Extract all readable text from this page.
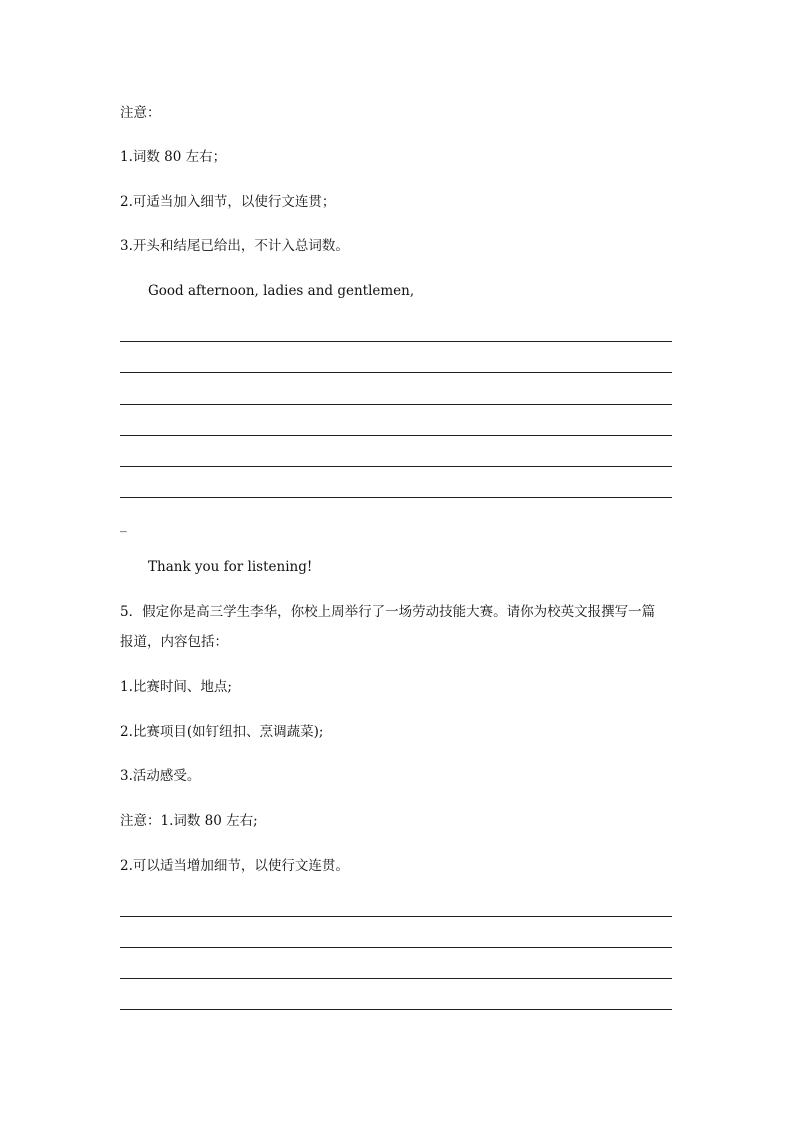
注意：
1.词数 80 左右；
2.可适当加入细节，以使行文连贯；
3.开头和结尾已给出，不计入总词数。
Good afternoon, ladies and gentlemen,
_
Thank you for listening!
5．假定你是高三学生李华，你校上周举行了一场劳动技能大赛。请你为校英文报撰写一篇
报道，内容包括：
1.比赛时间、地点;
2.比赛项目(如钉纽扣、烹调蔬菜);
3.活动感受。
注意：1.词数 80 左右;
2.可以适当增加细节，以使行文连贯。
